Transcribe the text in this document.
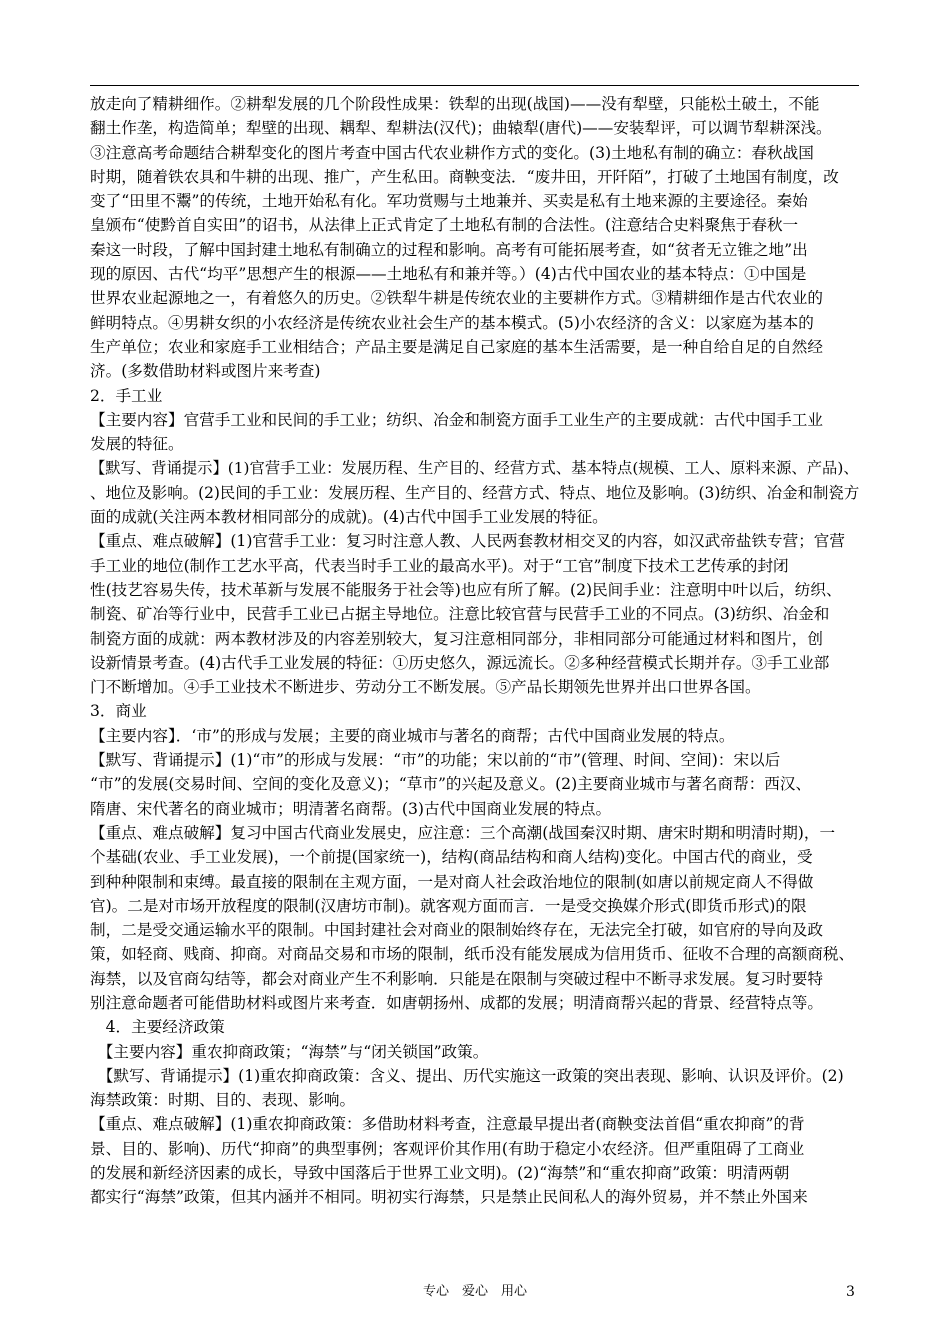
放走向了精耕细作。②耕犁发展的几个阶段性成果：铁犁的出现(战国)——没有犁壁，只能松土破土，不能
翻土作垄，构造简单；犁壁的出现、耦犁、犁耕法(汉代)；曲辕犁(唐代)——安装犁评，可以调节犁耕深浅。
③注意高考命题结合耕犁变化的图片考查中国古代农业耕作方式的变化。(3)土地私有制的确立：春秋战国
时期，随着铁农具和牛耕的出现、推广，产生私田。商鞅变法．“废井田，开阡陌”，打破了土地国有制度，改
变了“田里不鬻”的传统，土地开始私有化。军功赏赐与土地兼并、买卖是私有土地来源的主要途径。秦始
皇颁布“使黔首自实田”的诏书，从法律上正式肯定了土地私有制的合法性。(注意结合史料聚焦于春秋一
秦这一时段，了解中国封建土地私有制确立的过程和影响。高考有可能拓展考查，如“贫者无立锥之地”出
现的原因、古代“均平”思想产生的根源——土地私有和兼并等。）(4)古代中国农业的基本特点：①中国是
世界农业起源地之一，有着悠久的历史。②铁犁牛耕是传统农业的主要耕作方式。③精耕细作是古代农业的
鲜明特点。④男耕女织的小农经济是传统农业社会生产的基本模式。(5)小农经济的含义：以家庭为基本的
生产单位；农业和家庭手工业相结合；产品主要是满足自己家庭的基本生活需要，是一种自给自足的自然经
济。(多数借助材料或图片来考查)
2．手工业
【主要内容】官营手工业和民间的手工业；纺织、冶金和制瓷方面手工业生产的主要成就：古代中国手工业
发展的特征。
【默写、背诵提示】(1)官营手工业：发展历程、生产目的、经营方式、基本特点(规模、工人、原料来源、产品)、
、地位及影响。(2)民间的手工业：发展历程、生产目的、经营方式、特点、地位及影响。(3)纺织、冶金和制瓷方
面的成就(关注两本教材相同部分的成就)。(4)古代中国手工业发展的特征。
【重点、难点破解】(1)官营手工业：复习时注意人教、人民两套教材相交叉的内容，如汉武帝盐铁专营；官营
手工业的地位(制作工艺水平高，代表当时手工业的最高水平)。对于“工官”制度下技术工艺传承的封闭
性(技艺容易失传，技术革新与发展不能服务于社会等)也应有所了解。(2)民间手业：注意明中叶以后，纺织、
制瓷、矿冶等行业中，民营手工业已占据主导地位。注意比较官营与民营手工业的不同点。(3)纺织、冶金和
制瓷方面的成就：两本教材涉及的内容差别较大，复习注意相同部分，非相同部分可能通过材料和图片，创
设新情景考查。(4)古代手工业发展的特征：①历史悠久，源远流长。②多种经营模式长期并存。③手工业部
门不断增加。④手工业技术不断进步、劳动分工不断发展。⑤产品长期领先世界并出口世界各国。
3．商业
【主要内容】．‘市”的形成与发展；主要的商业城市与著名的商帮；古代中国商业发展的特点。
【默写、背诵提示】(1)“市”的形成与发展：“市”的功能；宋以前的“市”(管理、时间、空间)：宋以后
“市”的发展(交易时间、空间的变化及意义)；“草市”的兴起及意义。(2)主要商业城市与著名商帮：西汉、
隋唐、宋代著名的商业城市；明清著名商帮。(3)古代中国商业发展的特点。
【重点、难点破解】复习中国古代商业发展史，应注意：三个高潮(战国秦汉时期、唐宋时期和明清时期)，一
个基础(农业、手工业发展)，一个前提(国家统一)，结构(商品结构和商人结构)变化。中国古代的商业，受
到种种限制和束缚。最直接的限制在主观方面，一是对商人社会政治地位的限制(如唐以前规定商人不得做
官)。二是对市场开放程度的限制(汉唐坊市制)。就客观方面而言．一是受交换媒介形式(即货币形式)的限
制，二是受交通运输水平的限制。中国封建社会对商业的限制始终存在，无法完全打破，如官府的导向及政
策，如轻商、贱商、抑商。对商品交易和市场的限制，纸币没有能发展成为信用货币、征收不合理的高额商税、
海禁，以及官商勾结等，都会对商业产生不利影响．只能是在限制与突破过程中不断寻求发展。复习时要特
别注意命题者可能借助材料或图片来考查．如唐朝扬州、成都的发展；明清商帮兴起的背景、经营特点等。
　4．主要经济政策
　【主要内容】重农抑商政策；“海禁”与“闭关锁国”政策。
　【默写、背诵提示】(1)重农抑商政策：含义、提出、历代实施这一政策的突出表现、影响、认识及评价。(2)
海禁政策：时期、目的、表现、影响。
【重点、难点破解】(1)重农抑商政策：多借助材料考查，注意最早提出者(商鞅变法首倡“重农抑商”的背
景、目的、影响)、历代“抑商”的典型事例；客观评价其作用(有助于稳定小农经济。但严重阻碍了工商业
的发展和新经济因素的成长，导致中国落后于世界工业文明)。(2)“海禁”和“重农抑商”政策：明清两朝
都实行“海禁”政策，但其内涵并不相同。明初实行海禁，只是禁止民间私人的海外贸易，并不禁止外国来
专心　爱心　用心	3
